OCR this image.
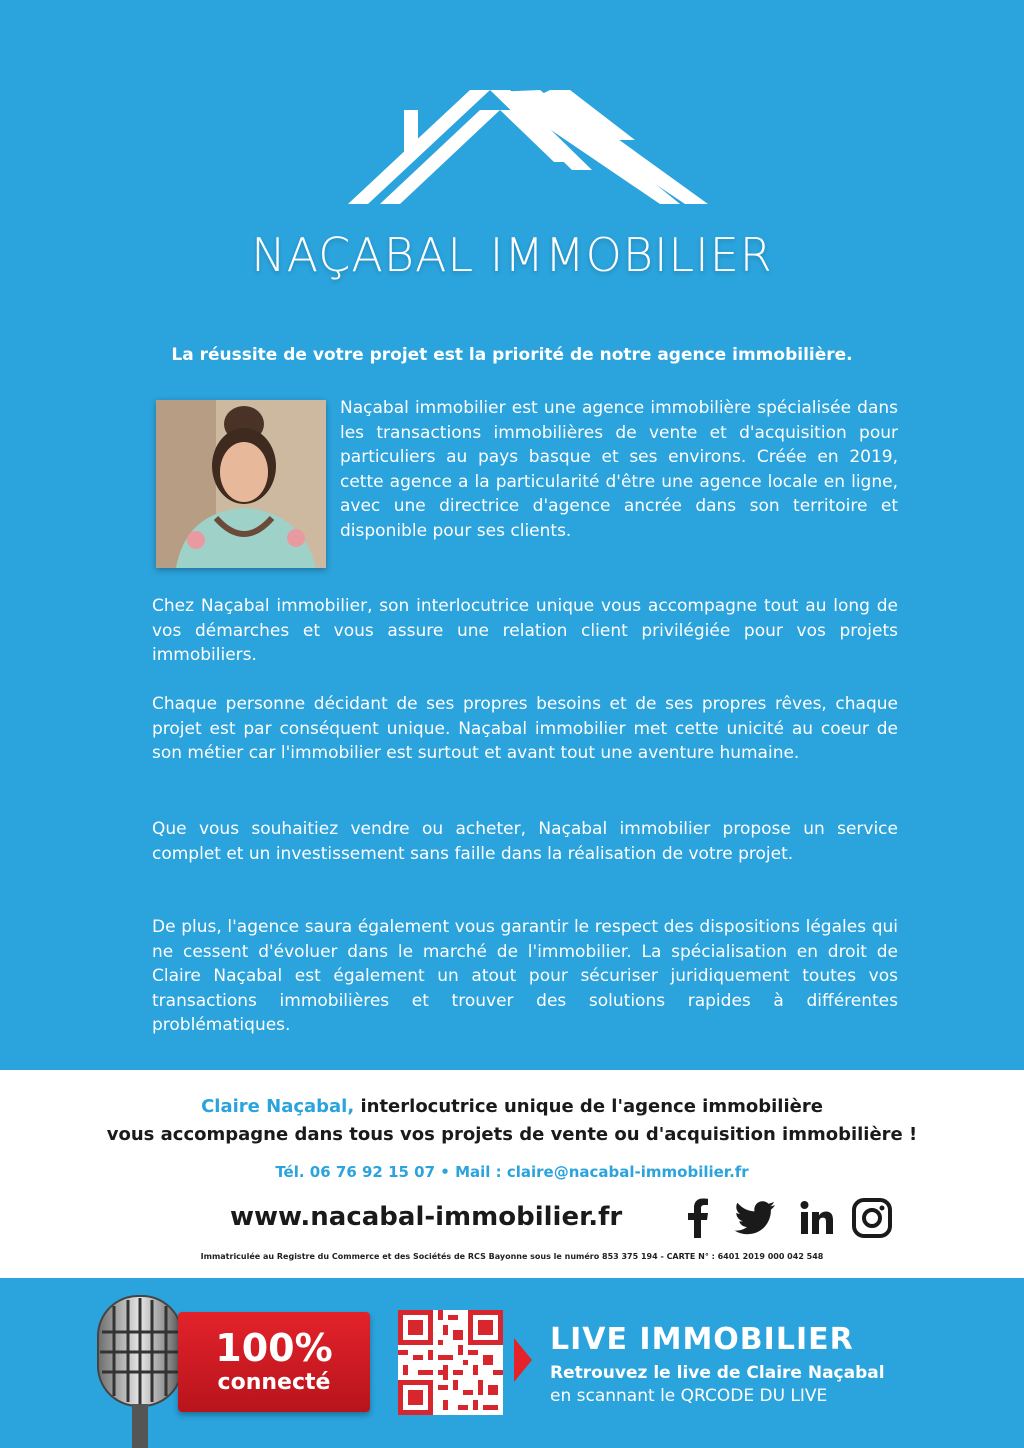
NAÇABAL IMMOBILIER
La réussite de votre projet est la priorité de notre agence immobilière.

Naçabal immobilier est une agence immobilière spécialisée dans les transactions immobilières de vente et d'acquisition pour particuliers au pays basque et ses environs. Créée en 2019, cette agence a la particularité d'être une agence locale en ligne, avec une directrice d'agence ancrée dans son territoire et disponible pour ses clients.

Chez Naçabal immobilier, son interlocutrice unique vous accompagne tout au long de vos démarches et vous assure une relation client privilégiée pour vos projets immobiliers.

Chaque personne décidant de ses propres besoins et de ses propres rêves, chaque projet est par conséquent unique. Naçabal immobilier met cette unicité au coeur de son métier car l'immobilier est surtout et avant tout une aventure humaine.

Que vous souhaitiez vendre ou acheter, Naçabal immobilier propose un service complet et un investissement sans faille dans la réalisation de votre projet.

De plus, l'agence saura également vous garantir le respect des dispositions légales qui ne cessent d'évoluer dans le marché de l'immobilier. La spécialisation en droit de Claire Naçabal est également un atout pour sécuriser juridiquement toutes vos transactions immobilières et trouver des solutions rapides à différentes problématiques.

Claire Naçabal, interlocutrice unique de l'agence immobilière
vous accompagne dans tous vos projets de vente ou d'acquisition immobilière !
Tél. 06 76 92 15 07 • Mail : claire@nacabal-immobilier.fr
www.nacabal-immobilier.fr
Immatriculée au Registre du Commerce et des Sociétés de RCS Bayonne sous le numéro 853 375 194 - CARTE N° : 6401 2019 000 042 548
100%
connecté
LIVE IMMOBILIER
Retrouvez le live de Claire Naçabal
en scannant le QRCODE DU LIVE
